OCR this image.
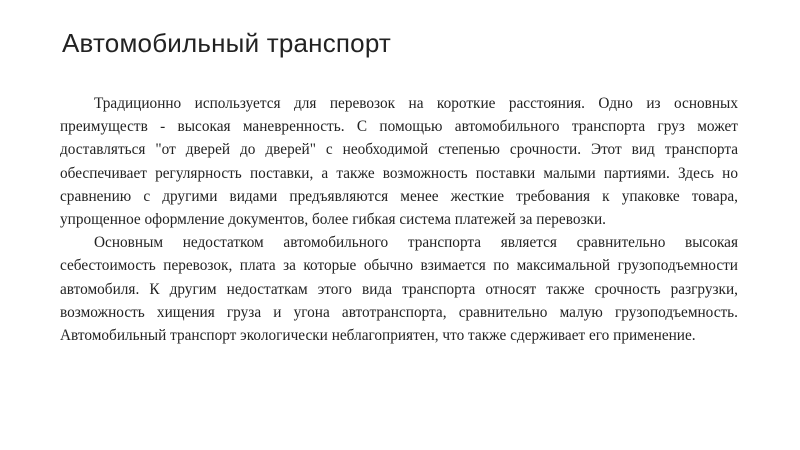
Автомобильный транспорт

Традиционно используется для перевозок на короткие расстояния. Одно из основных преимуществ - высокая маневренность. С помощью автомобильного транспорта груз может доставляться "от дверей до дверей" с необходимой степенью срочности. Этот вид транспорта обеспечивает регулярность поставки, а также возможность поставки малыми партиями. Здесь но сравнению с другими видами предъявляются менее жесткие требования к упаковке товара, упрощенное оформление документов, более гибкая система платежей за перевозки.

Основным недостатком автомобильного транспорта является сравнительно высокая себестоимость перевозок, плата за которые обычно взимается по максимальной грузоподъемности автомобиля. К другим недостаткам этого вида транспорта относят также срочность разгрузки, возможность хищения груза и угона автотранспорта, сравнительно малую грузоподъемность. Автомобильный транспорт экологически неблагоприятен, что также сдерживает его применение.
